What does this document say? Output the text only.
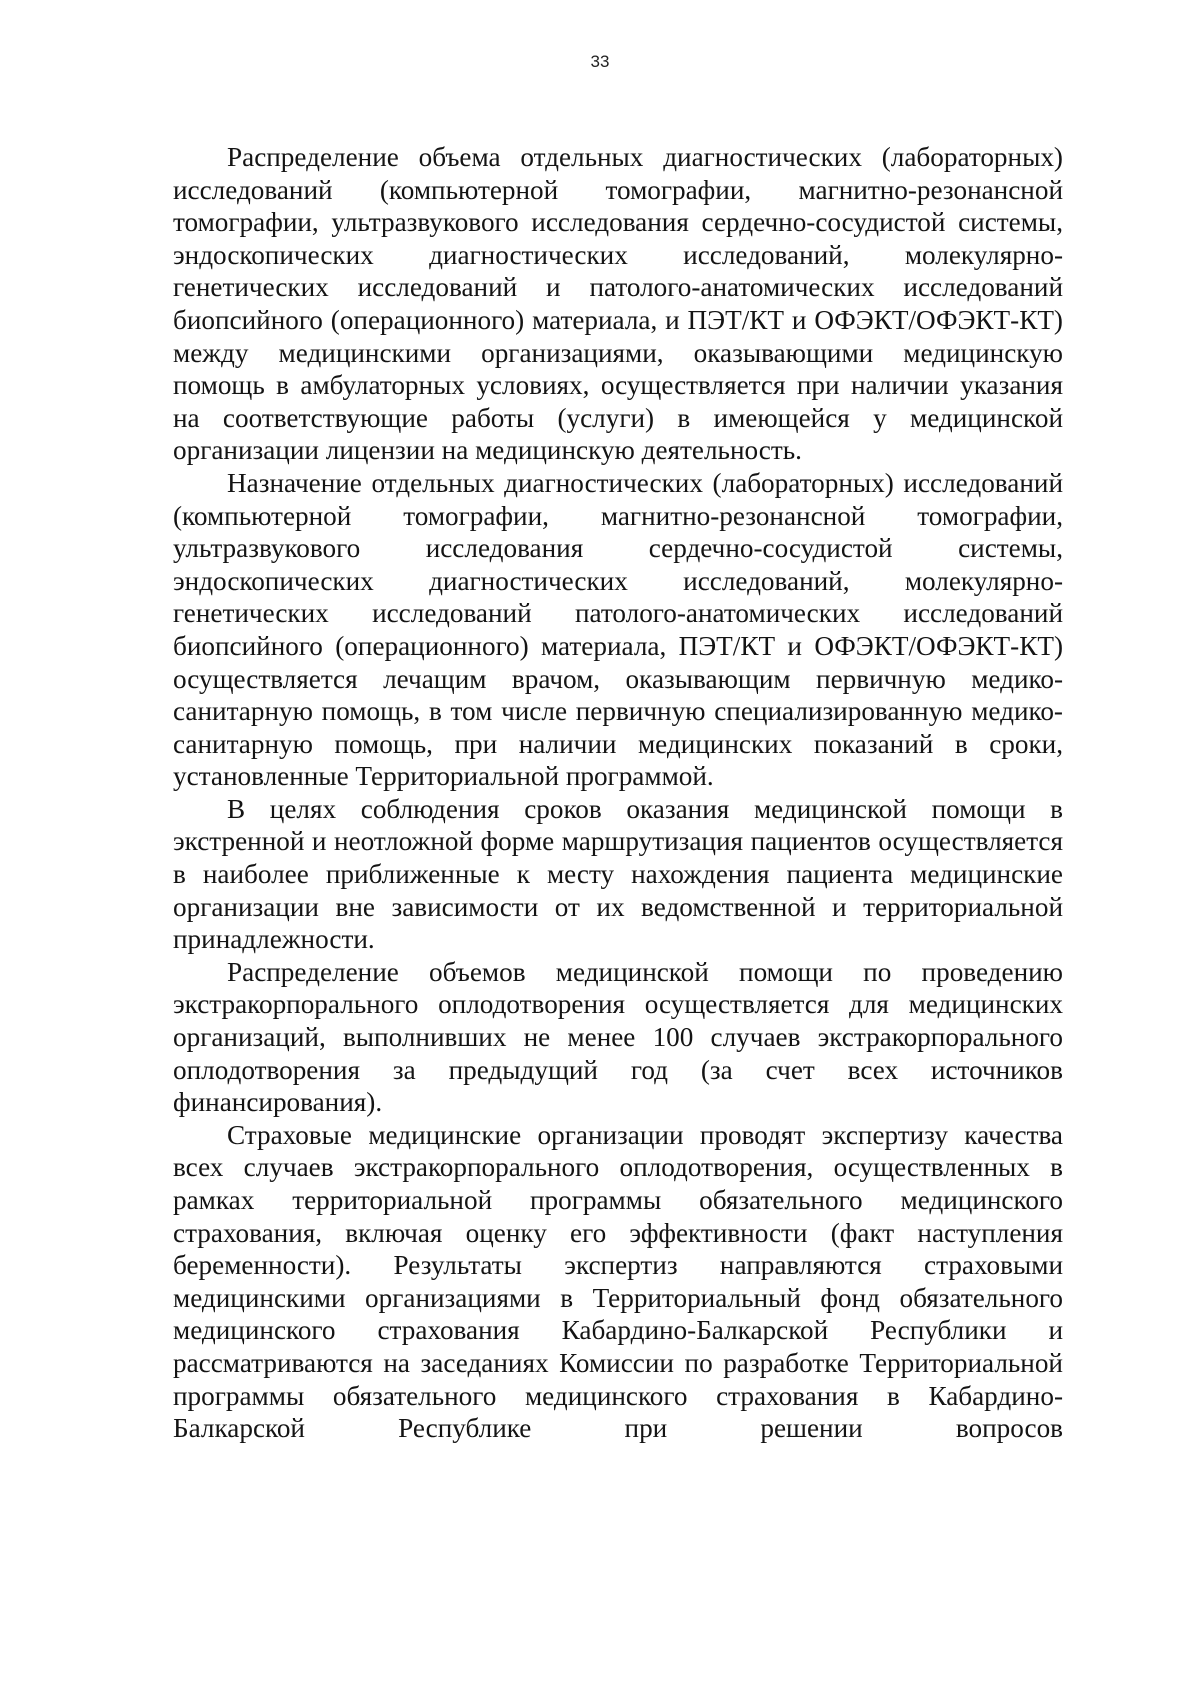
33

Распределение объема отдельных диагностических (лабораторных) исследований (компьютерной томографии, магнитно-резонансной томографии, ультразвукового исследования сердечно-сосудистой системы, эндоскопических диагностических исследований, молекулярно-генетических исследований и патолого-анатомических исследований биопсийного (операционного) материала, и ПЭТ/КТ и ОФЭКТ/ОФЭКТ-КТ) между медицинскими организациями, оказывающими медицинскую помощь в амбулаторных условиях, осуществляется при наличии указания на соответствующие работы (услуги) в имеющейся у медицинской организации лицензии на медицинскую деятельность.

Назначение отдельных диагностических (лабораторных) исследований (компьютерной томографии, магнитно-резонансной томографии, ультразвукового исследования сердечно-сосудистой системы, эндоскопических диагностических исследований, молекулярно-генетических исследований патолого-анатомических исследований биопсийного (операционного) материала, ПЭТ/КТ и ОФЭКТ/ОФЭКТ-КТ) осуществляется лечащим врачом, оказывающим первичную медико-санитарную помощь, в том числе первичную специализированную медико-санитарную помощь, при наличии медицинских показаний в сроки, установленные Территориальной программой.

В целях соблюдения сроков оказания медицинской помощи в экстренной и неотложной форме маршрутизация пациентов осуществляется в наиболее приближенные к месту нахождения пациента медицинские организации вне зависимости от их ведомственной и территориальной принадлежности.

Распределение объемов медицинской помощи по проведению экстракорпорального оплодотворения осуществляется для медицинских организаций, выполнивших не менее 100 случаев экстракорпорального оплодотворения за предыдущий год (за счет всех источников финансирования).

Страховые медицинские организации проводят экспертизу качества всех случаев экстракорпорального оплодотворения, осуществленных в рамках территориальной программы обязательного медицинского страхования, включая оценку его эффективности (факт наступления беременности). Результаты экспертиз направляются страховыми медицинскими организациями в Территориальный фонд обязательного медицинского страхования Кабардино-Балкарской Республики и рассматриваются на заседаниях Комиссии по разработке Территориальной программы обязательного медицинского страхования в Кабардино-Балкарской Республике при решении вопросов
